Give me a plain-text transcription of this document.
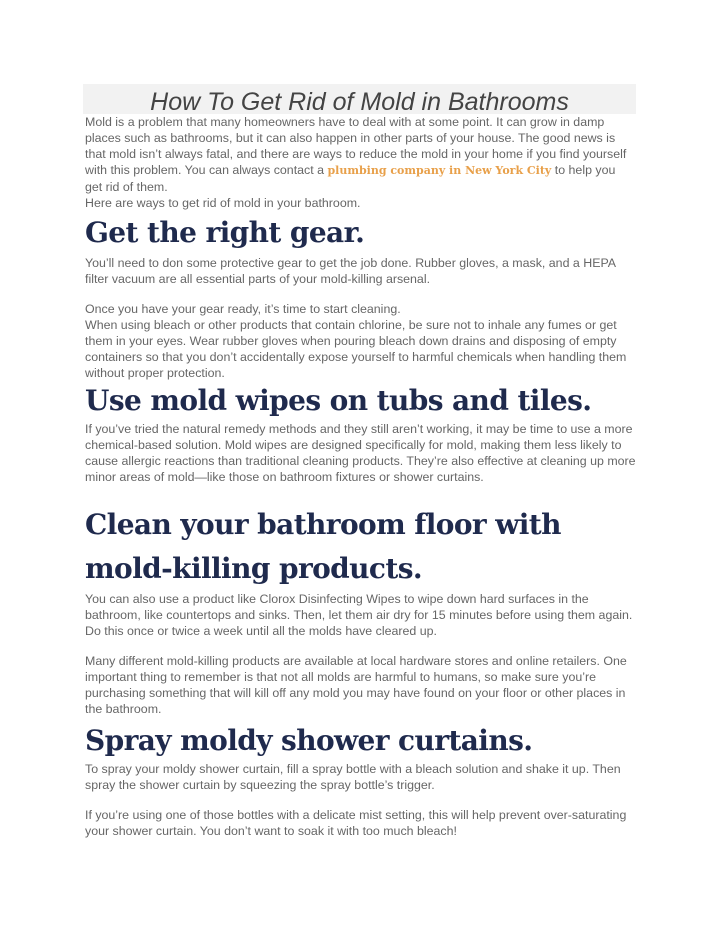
How To Get Rid of Mold in Bathrooms

Mold is a problem that many homeowners have to deal with at some point. It can grow in damp places such as bathrooms, but it can also happen in other parts of your house. The good news is that mold isn’t always fatal, and there are ways to reduce the mold in your home if you find yourself with this problem. You can always contact a plumbing company in New York City to help you get rid of them.

Here are ways to get rid of mold in your bathroom.

Get the right gear.

You’ll need to don some protective gear to get the job done. Rubber gloves, a mask, and a HEPA filter vacuum are all essential parts of your mold-killing arsenal.

Once you have your gear ready, it’s time to start cleaning.

When using bleach or other products that contain chlorine, be sure not to inhale any fumes or get them in your eyes. Wear rubber gloves when pouring bleach down drains and disposing of empty containers so that you don’t accidentally expose yourself to harmful chemicals when handling them without proper protection.

Use mold wipes on tubs and tiles.

If you’ve tried the natural remedy methods and they still aren’t working, it may be time to use a more chemical-based solution. Mold wipes are designed specifically for mold, making them less likely to cause allergic reactions than traditional cleaning products. They’re also effective at cleaning up more minor areas of mold—like those on bathroom fixtures or shower curtains.

Clean your bathroom floor with mold-killing products.

You can also use a product like Clorox Disinfecting Wipes to wipe down hard surfaces in the bathroom, like countertops and sinks. Then, let them air dry for 15 minutes before using them again. Do this once or twice a week until all the molds have cleared up.

Many different mold-killing products are available at local hardware stores and online retailers. One important thing to remember is that not all molds are harmful to humans, so make sure you’re purchasing something that will kill off any mold you may have found on your floor or other places in the bathroom.

Spray moldy shower curtains.

To spray your moldy shower curtain, fill a spray bottle with a bleach solution and shake it up. Then spray the shower curtain by squeezing the spray bottle’s trigger.

If you’re using one of those bottles with a delicate mist setting, this will help prevent over-saturating your shower curtain. You don’t want to soak it with too much bleach!
